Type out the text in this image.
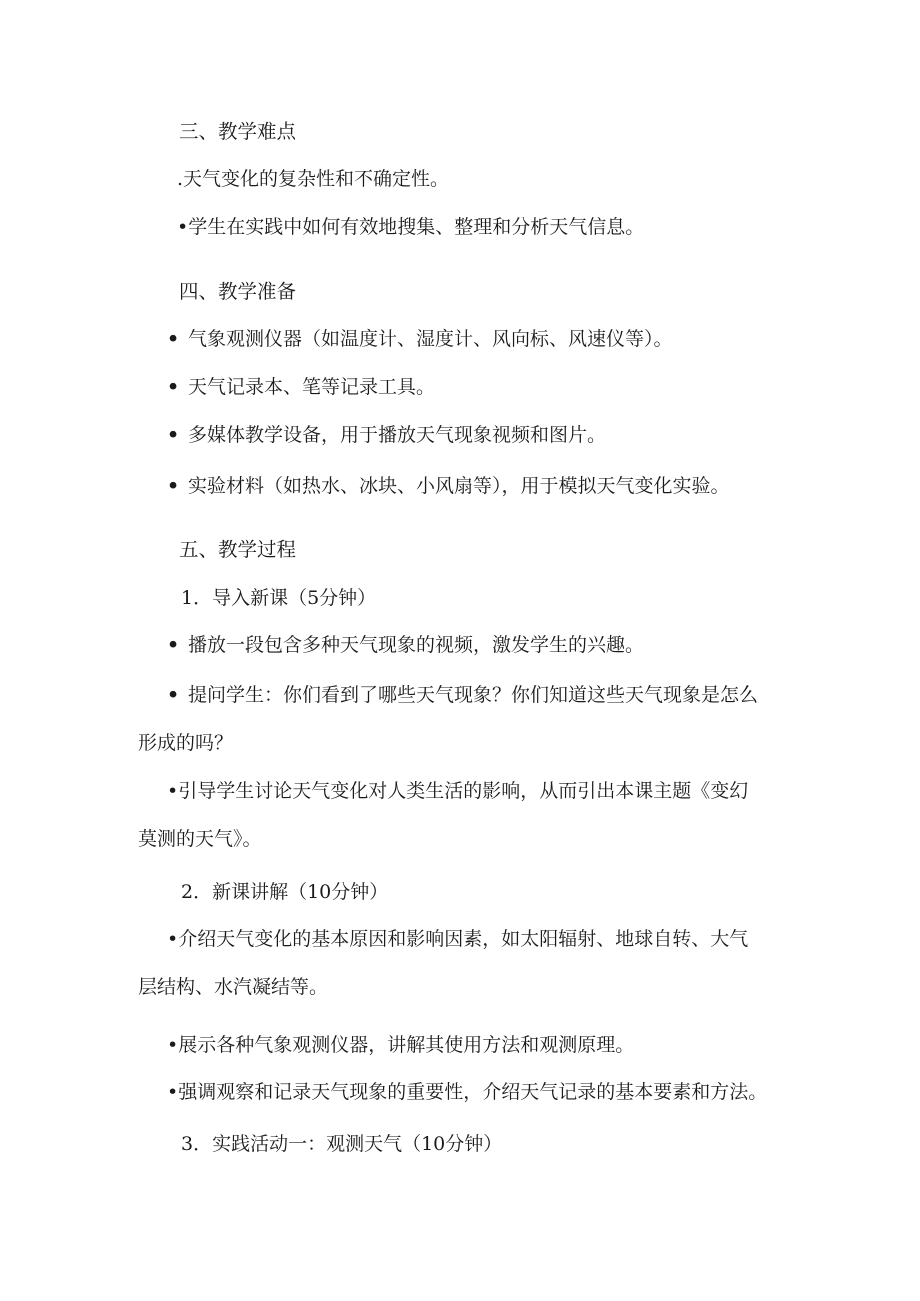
三、教学难点
.天气变化的复杂性和不确定性。
•学生在实践中如何有效地搜集、整理和分析天气信息。
四、教学准备
• 气象观测仪器（如温度计、湿度计、风向标、风速仪等）。
• 天气记录本、笔等记录工具。
• 多媒体教学设备，用于播放天气现象视频和图片。
• 实验材料（如热水、冰块、小风扇等），用于模拟天气变化实验。
五、教学过程
1．导入新课（5分钟）
• 播放一段包含多种天气现象的视频，激发学生的兴趣。
• 提问学生：你们看到了哪些天气现象？你们知道这些天气现象是怎么
形成的吗？
•引导学生讨论天气变化对人类生活的影响，从而引出本课主题《变幻
莫测的天气》。
2．新课讲解（10分钟）
•介绍天气变化的基本原因和影响因素，如太阳辐射、地球自转、大气
层结构、水汽凝结等。
•展示各种气象观测仪器，讲解其使用方法和观测原理。
•强调观察和记录天气现象的重要性，介绍天气记录的基本要素和方法。
3．实践活动一：观测天气（10分钟）
